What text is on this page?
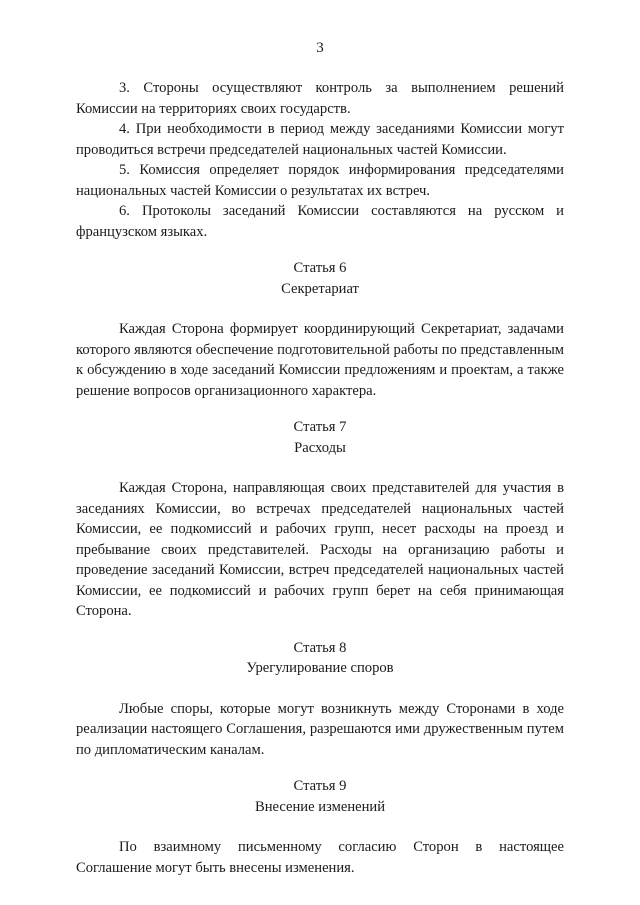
3

3. Стороны осуществляют контроль за выполнением решений Комиссии на территориях своих государств.

4. При необходимости в период между заседаниями Комиссии могут проводиться встречи председателей национальных частей Комиссии.

5. Комиссия определяет порядок информирования председателями национальных частей Комиссии о результатах их встреч.

6. Протоколы заседаний Комиссии составляются на русском и французском языках.

Статья 6
Секретариат

Каждая Сторона формирует координирующий Секретариат, задачами которого являются обеспечение подготовительной работы по представленным к обсуждению в ходе заседаний Комиссии предложениям и проектам, а также решение вопросов организационного характера.

Статья 7
Расходы

Каждая Сторона, направляющая своих представителей для участия в заседаниях Комиссии, во встречах председателей национальных частей Комиссии, ее подкомиссий и рабочих групп, несет расходы на проезд и пребывание своих представителей. Расходы на организацию работы и проведение заседаний Комиссии, встреч председателей национальных частей Комиссии, ее подкомиссий и рабочих групп берет на себя принимающая Сторона.

Статья 8
Урегулирование споров

Любые споры, которые могут возникнуть между Сторонами в ходе реализации настоящего Соглашения, разрешаются ими дружественным путем по дипломатическим каналам.

Статья 9
Внесение изменений

По взаимному письменному согласию Сторон в настоящее Соглашение могут быть внесены изменения.
